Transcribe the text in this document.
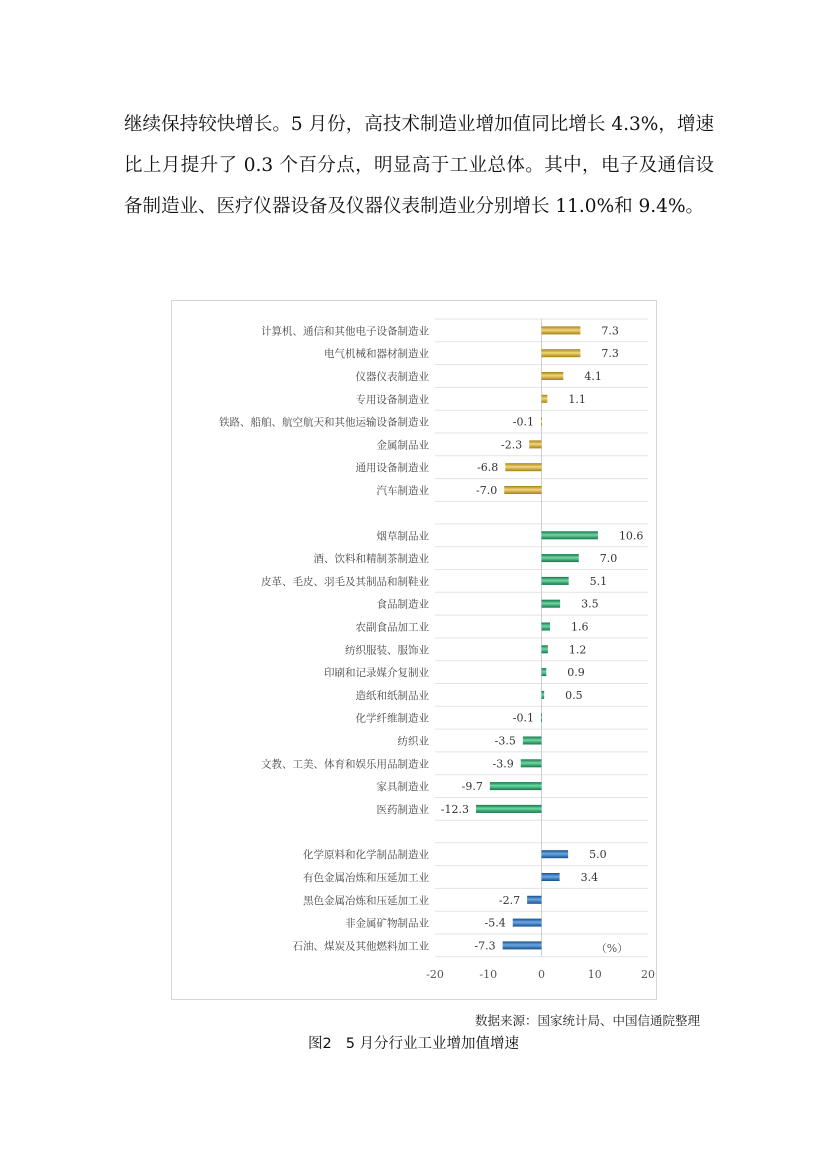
继续保持较快增长。5 月份，高技术制造业增加值同比增长 4.3%，增速比上月提升了 0.3 个百分点，明显高于工业总体。其中，电子及通信设备制造业、医疗仪器设备及仪器仪表制造业分别增长 11.0%和 9.4%。

计算机、通信和其他电子设备制造业	7.3
电气机械和器材制造业	7.3
仪器仪表制造业	4.1
专用设备制造业	1.1
铁路、船舶、航空航天和其他运输设备制造业	-0.1
金属制品业	-2.3
通用设备制造业	-6.8
汽车制造业	-7.0
烟草制品业	10.6
酒、饮料和精制茶制造业	7.0
皮革、毛皮、羽毛及其制品和制鞋业	5.1
食品制造业	3.5
农副食品加工业	1.6
纺织服装、服饰业	1.2
印刷和记录媒介复制业	0.9
造纸和纸制品业	0.5
化学纤维制造业	-0.1
纺织业	-3.5
文教、工美、体育和娱乐用品制造业	-3.9
家具制造业	-9.7
医药制造业 -12.3
化学原料和化学制品制造业	5.0
有色金属冶炼和压延加工业	3.4
黑色金属冶炼和压延加工业	-2.7
非金属矿物制品业	-5.4
石油、煤炭及其他燃料加工业	-7.3	（%）
-20	-10	0	10	20
数据来源：国家统计局、中国信通院整理
图2 5 月分行业工业增加值增速
